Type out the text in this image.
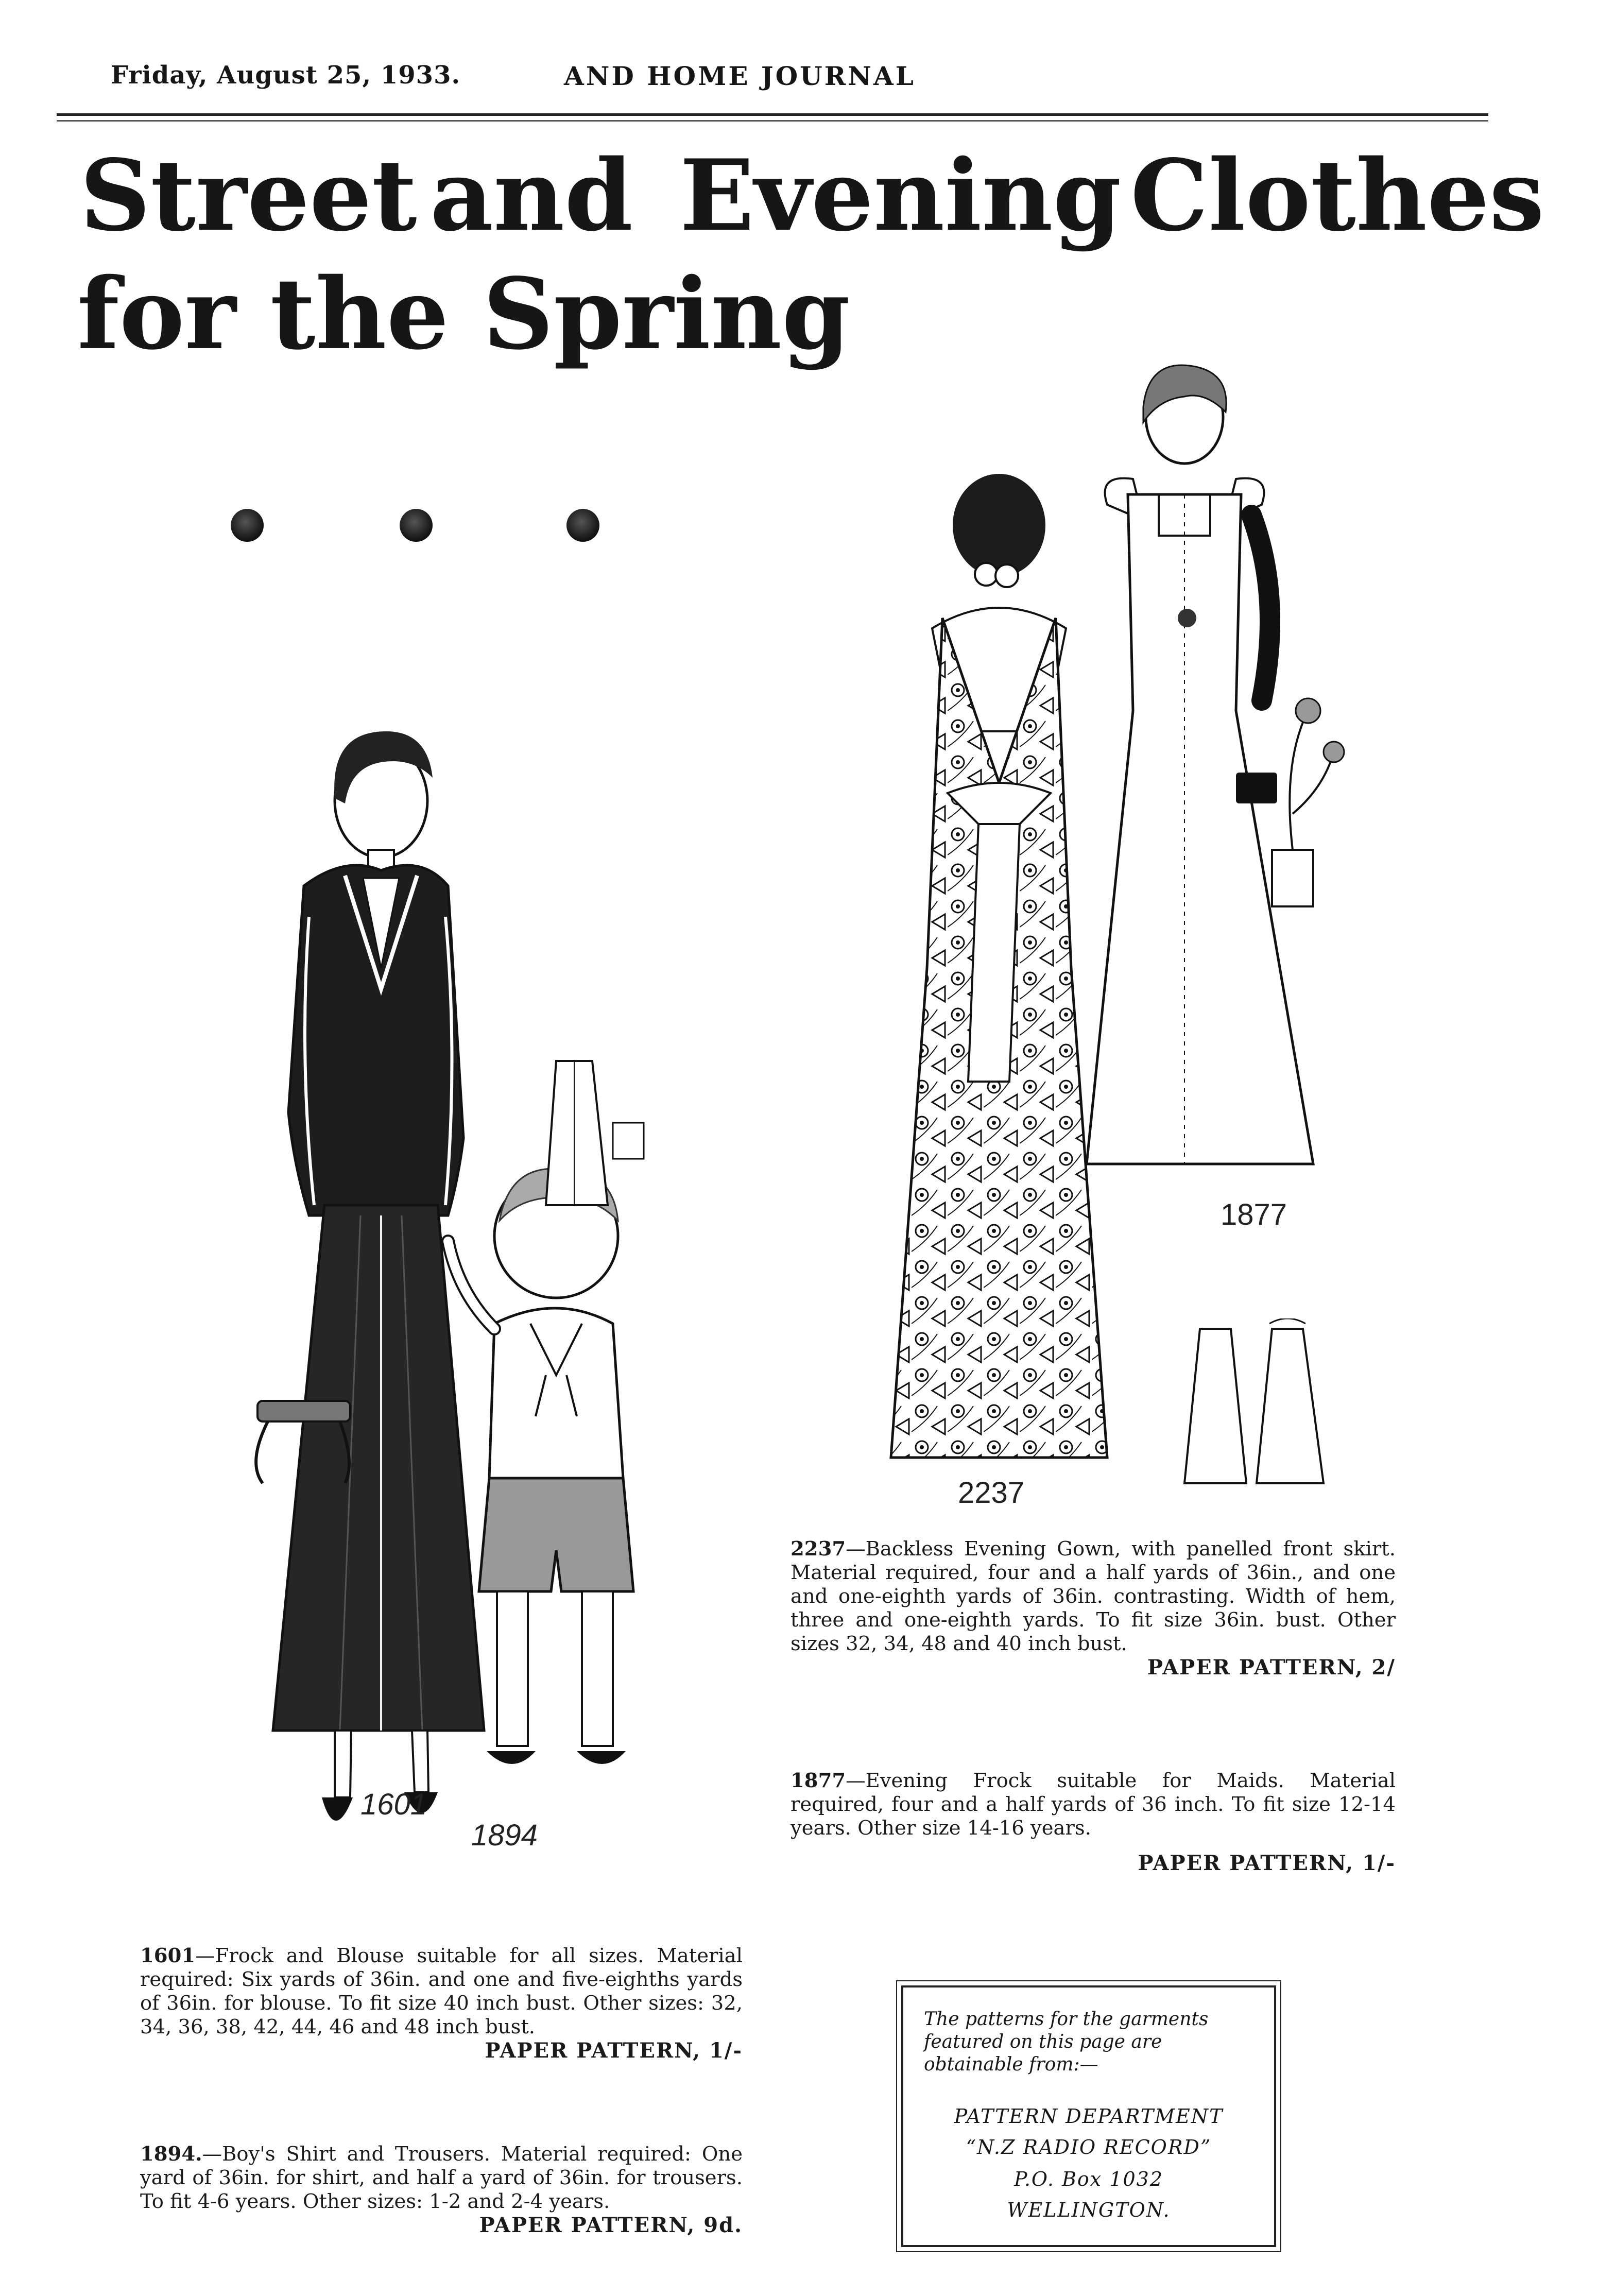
Friday, August 25, 1933.	AND HOME JOURNAL
Street and Evening Clothes
for the Spring
1601
1894
2237
1877
2237—Backless Evening Gown, with panelled front skirt. Material required, four and a half yards of 36in., and one and one-eighth yards of 36in. contrasting. Width of hem, three and one-eighth yards. To fit size 36in. bust. Other sizes 32, 34, 48 and 40 inch bust.
PAPER PATTERN, 2/
1877—Evening Frock suitable for Maids. Material required, four and a half yards of 36 inch. To fit size 12-14 years. Other size 14-16 years.
PAPER PATTERN, 1/-
1601—Frock and Blouse suitable for all sizes. Material required: Six yards of 36in. and one and five-eighths yards of 36in. for blouse. To fit size 40 inch bust. Other sizes: 32, 34, 36, 38, 42, 44, 46 and 48 inch bust.
PAPER PATTERN, 1/-
1894.—Boy's Shirt and Trousers. Material required: One yard of 36in. for shirt, and half a yard of 36in. for trousers. To fit 4-6 years. Other sizes: 1-2 and 2-4 years.
PAPER PATTERN, 9d.
The patterns for the garments featured on this page are obtainable from:—
PATTERN DEPARTMENT
“N.Z RADIO RECORD”
P.O. Box 1032
WELLINGTON.
